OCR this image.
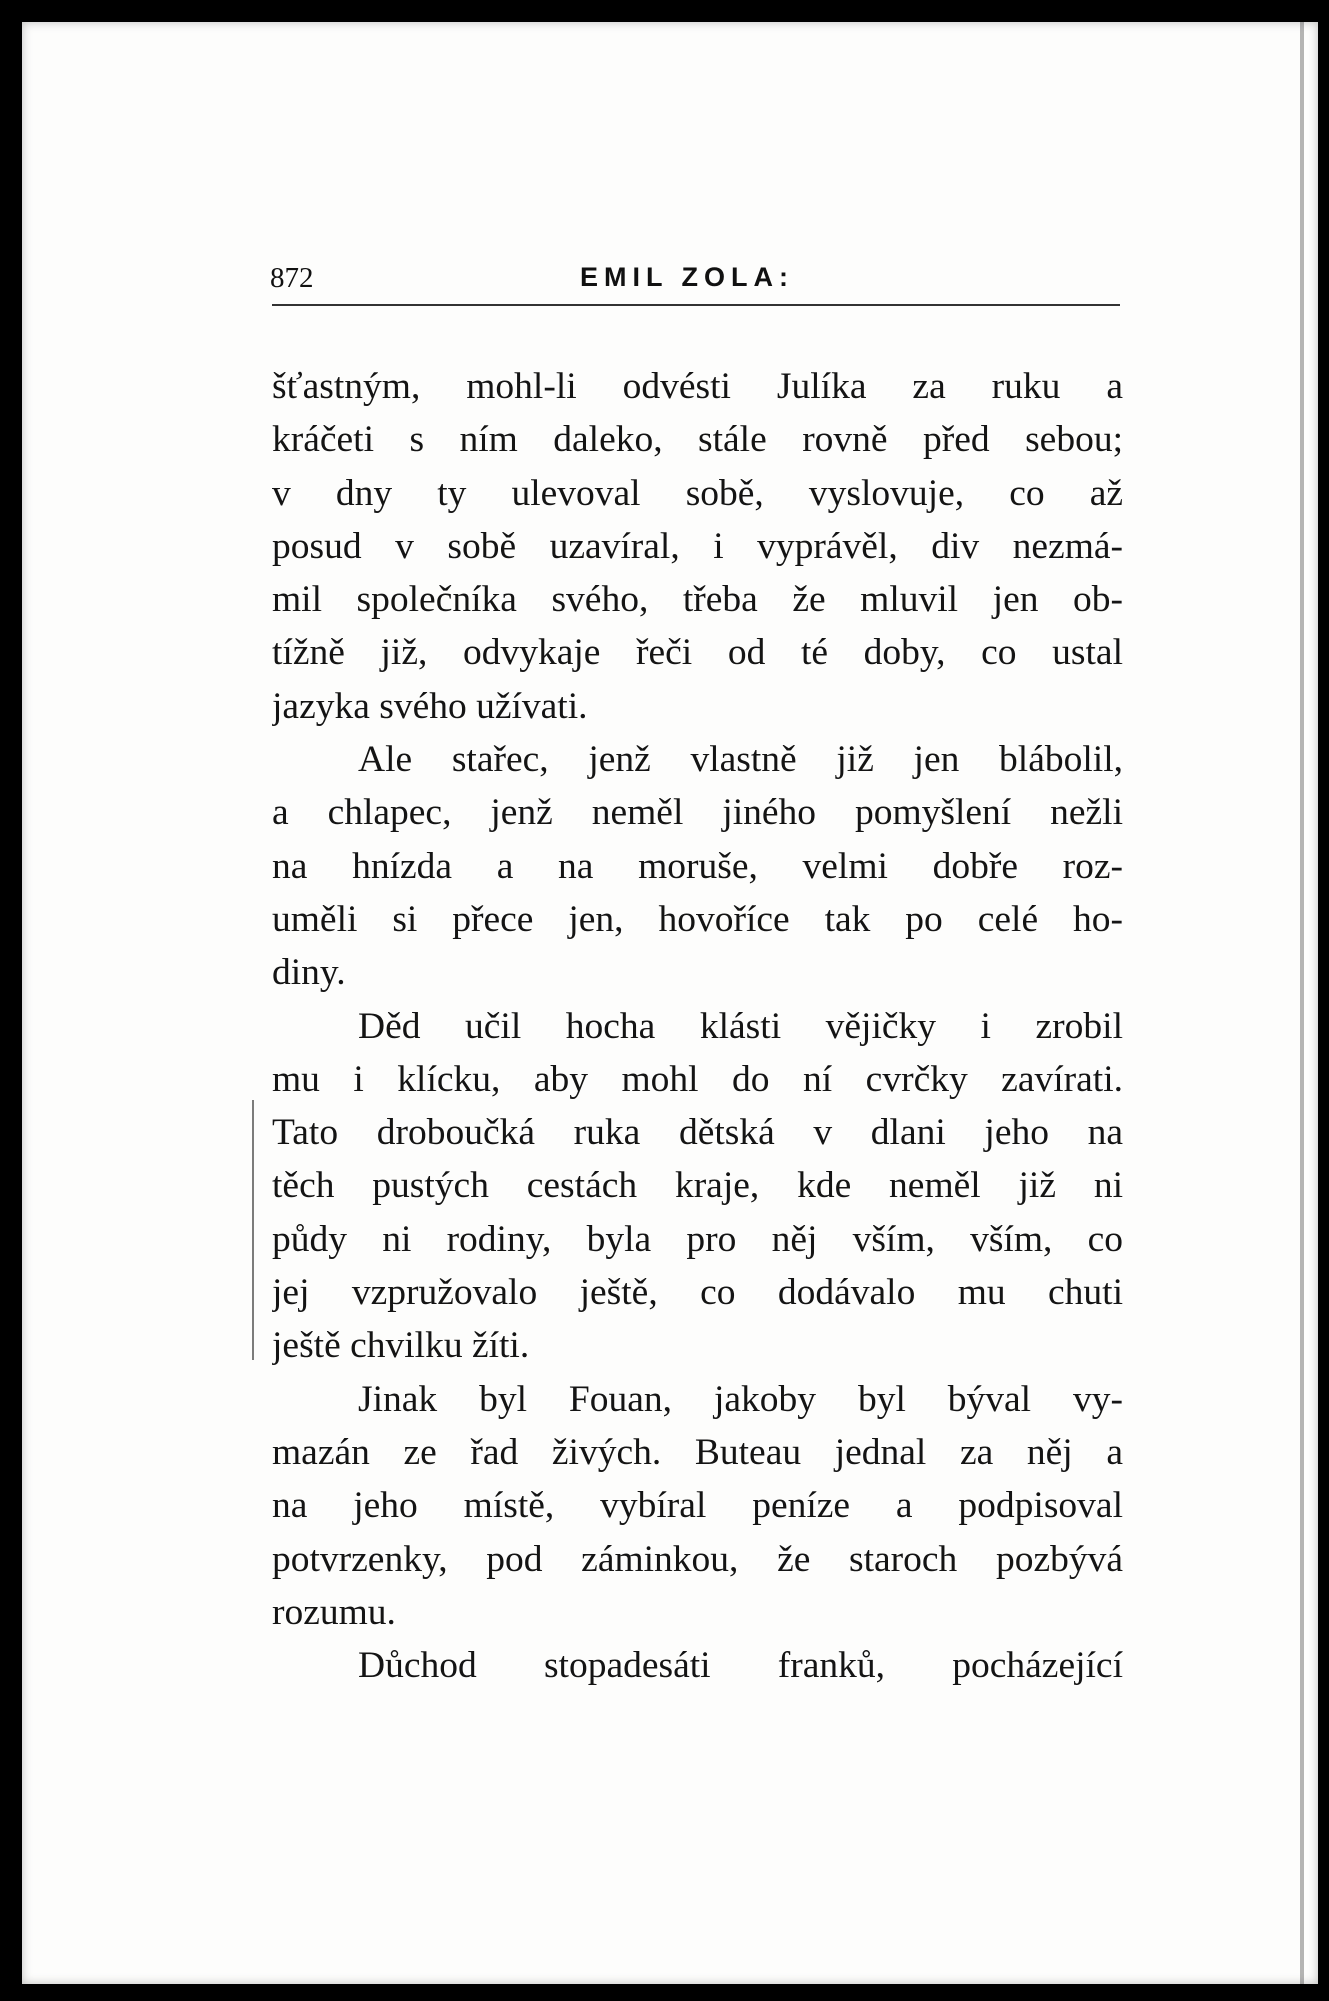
872	EMIL ZOLA:
šťastným, mohl-li odvésti Julíka za ruku a
kráčeti s ním daleko, stále rovně před sebou;
v dny ty ulevoval sobě, vyslovuje, co až
posud v sobě uzavíral, i vyprávěl, div nezmá-
mil společníka svého, třeba že mluvil jen ob-
tížně již, odvykaje řeči od té doby, co ustal
jazyka svého užívati.
Ale stařec, jenž vlastně již jen blábolil,
a chlapec, jenž neměl jiného pomyšlení nežli
na hnízda a na moruše, velmi dobře roz-
uměli si přece jen, hovoříce tak po celé ho-
diny.
Děd učil hocha klásti vějičky i zrobil
mu i klícku, aby mohl do ní cvrčky zavírati.
Tato droboučká ruka dětská v dlani jeho na
těch pustých cestách kraje, kde neměl již ni
půdy ni rodiny, byla pro něj vším, vším, co
jej vzpružovalo ještě, co dodávalo mu chuti
ještě chvilku žíti.
Jinak byl Fouan, jakoby byl býval vy-
mazán ze řad živých. Buteau jednal za něj a
na jeho místě, vybíral peníze a podpisoval
potvrzenky, pod záminkou, že staroch pozbývá
rozumu.
Důchod stopadesáti franků, pocházející
